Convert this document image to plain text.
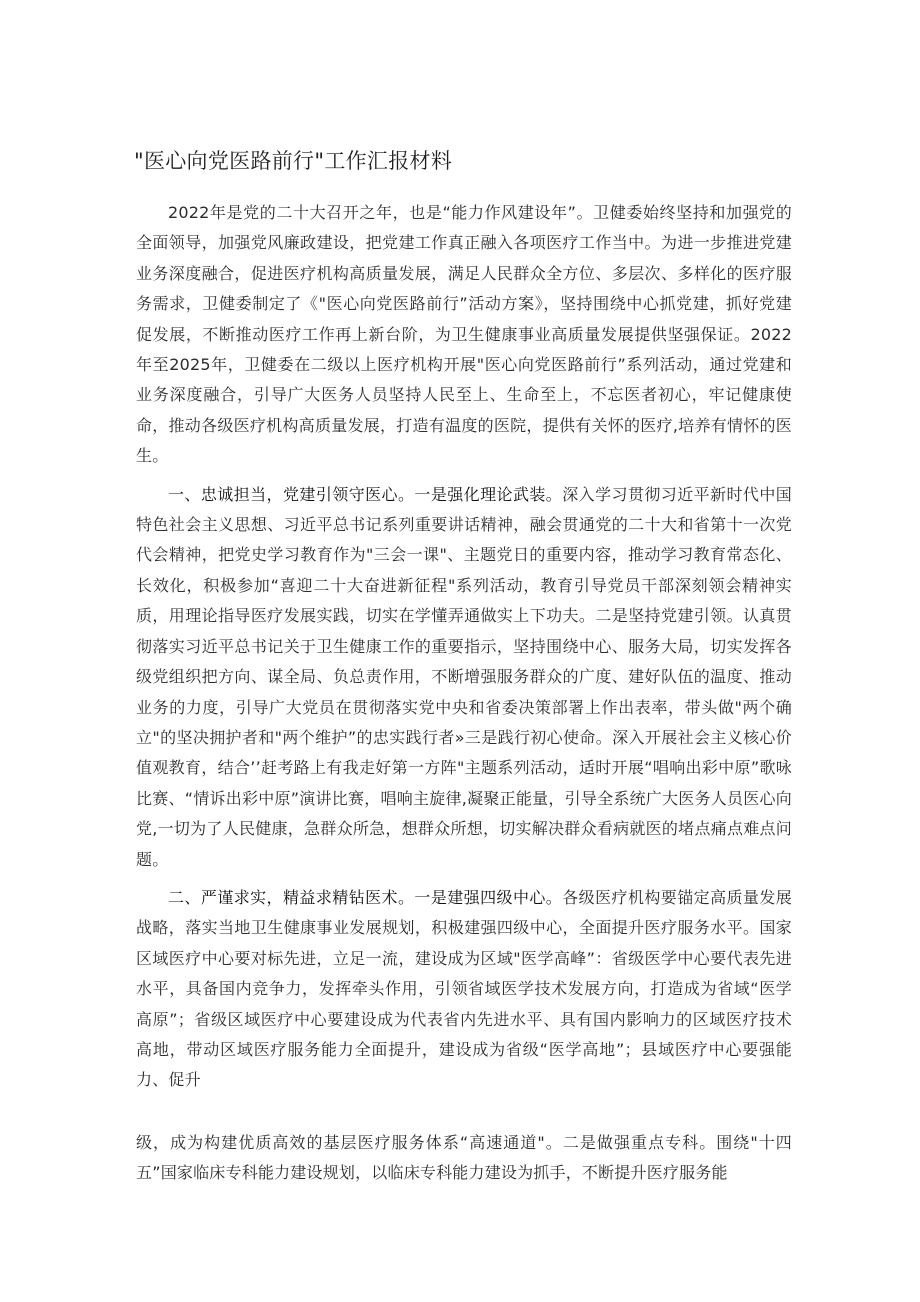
"医心向党医路前行"工作汇报材料

2022年是党的二十大召开之年，也是“能力作风建设年”。卫健委始终坚持和加强党的全面领导，加强党风廉政建设，把党建工作真正融入各项医疗工作当中。为进一步推进党建业务深度融合，促进医疗机构高质量发展，满足人民群众全方位、多层次、多样化的医疗服务需求，卫健委制定了《"医心向党医路前行”活动方案》，坚持围绕中心抓党建，抓好党建促发展，不断推动医疗工作再上新台阶，为卫生健康事业高质量发展提供坚强保证。2022年至2025年，卫健委在二级以上医疗机构开展"医心向党医路前行”系列活动，通过党建和业务深度融合，引导广大医务人员坚持人民至上、生命至上，不忘医者初心，牢记健康使命，推动各级医疗机构高质量发展，打造有温度的医院，提供有关怀的医疗,培养有情怀的医生。

一、忠诚担当，党建引领守医心。一是强化理论武装。深入学习贯彻习近平新时代中国特色社会主义思想、习近平总书记系列重要讲话精神，融会贯通党的二十大和省第十一次党代会精神，把党史学习教育作为"三会一课"、主题党日的重要内容，推动学习教育常态化、长效化，积极参加“喜迎二十大奋进新征程"系列活动，教育引导党员干部深刻领会精神实质，用理论指导医疗发展实践，切实在学懂弄通做实上下功夫。二是坚持党建引领。认真贯彻落实习近平总书记关于卫生健康工作的重要指示，坚持围绕中心、服务大局，切实发挥各级党组织把方向、谋全局、负总责作用，不断增强服务群众的广度、建好队伍的温度、推动业务的力度，引导广大党员在贯彻落实党中央和省委决策部署上作出表率，带头做"两个确立"的坚决拥护者和"两个维护”的忠实践行者»三是践行初心使命。深入开展社会主义核心价值观教育，结合’’赶考路上有我走好第一方阵"主题系列活动，适时开展“唱响出彩中原”歌咏比赛、“情诉出彩中原”演讲比赛，唱响主旋律,凝聚正能量，引导全系统广大医务人员医心向党,一切为了人民健康，急群众所急，想群众所想，切实解决群众看病就医的堵点痛点难点问题。

二、严谨求实，精益求精钻医术。一是建强四级中心。各级医疗机构要锚定高质量发展战略，落实当地卫生健康事业发展规划，积极建强四级中心，全面提升医疗服务水平。国家区域医疗中心要对标先进，立足一流，建设成为区域"医学高峰”：省级医学中心要代表先进水平，具备国内竞争力，发挥牵头作用，引领省域医学技术发展方向，打造成为省域“医学高原”；省级区域医疗中心要建设成为代表省内先进水平、具有国内影响力的区域医疗技术高地，带动区域医疗服务能力全面提升，建设成为省级“医学高地”；县域医疗中心要强能力、促升

级，成为构建优质高效的基层医疗服务体系“高速通道"。二是做强重点专科。围绕"十四五”国家临床专科能力建设规划，以临床专科能力建设为抓手，不断提升医疗服务能
